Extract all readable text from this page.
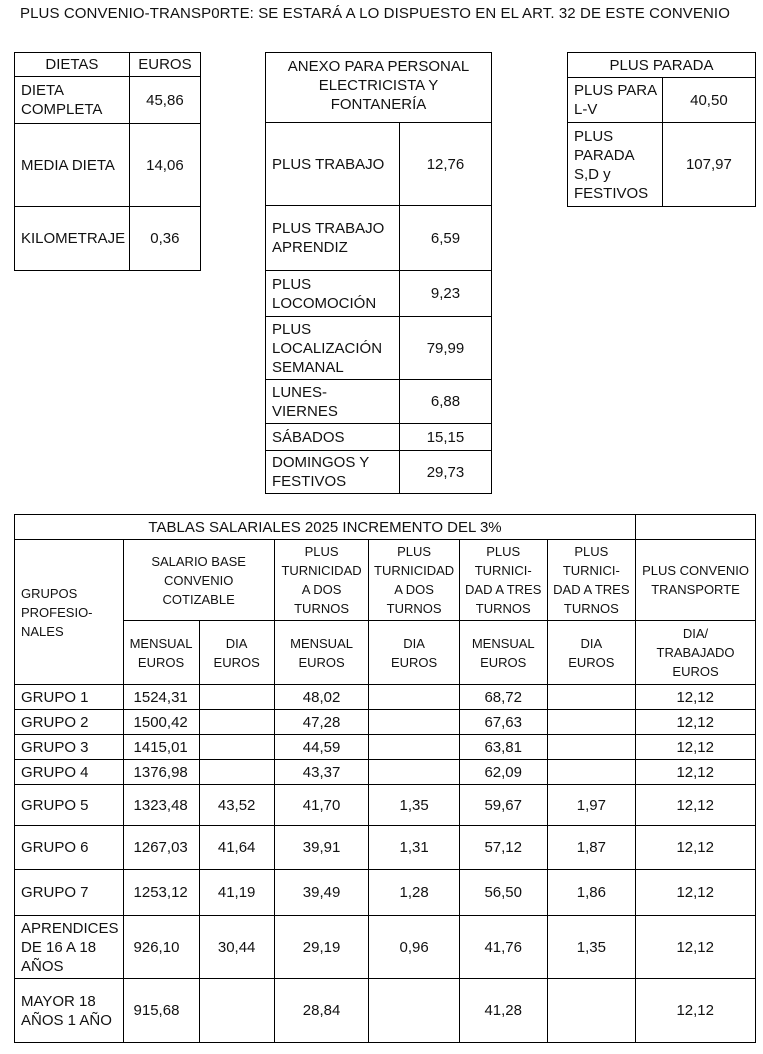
PLUS CONVENIO-TRANSP0RTE: SE ESTARÁ A LO DISPUESTO EN EL ART. 32 DE ESTE CONVENIO
DIETAS	EUROS
DIETA COMPLETA	45,86
MEDIA DIETA	14,06
KILOMETRAJE	0,36
ANEXO PARA PERSONAL ELECTRICISTA Y FONTANERÍA	
PLUS TRABAJO	12,76
PLUS TRABAJO APRENDIZ	6,59
PLUS LOCOMOCIÓN	9,23
PLUS LOCALIZACIÓN SEMANAL	79,99
LUNES-VIERNES	6,88
SÁBADOS	15,15
DOMINGOS Y FESTIVOS	29,73
PLUS PARADA	
PLUS PARA L-V	40,50
PLUS PARADA S,D y FESTIVOS	107,97
TABLAS SALARIALES 2025 INCREMENTO DEL 3%							
GRUPOS PROFESIO-NALES	SALARIO BASE CONVENIO COTIZABLE		PLUS TURNICIDAD A DOS TURNOS	PLUS TURNICIDAD A DOS TURNOS	PLUS TURNICI-DAD A TRES TURNOS	PLUS TURNICI-DAD A TRES TURNOS	PLUS CONVENIO TRANSPORTE
	MENSUAL EUROS	DIA EUROS	MENSUAL EUROS	DIA EUROS	MENSUAL EUROS	DIA EUROS	DIA/ TRABAJADO EUROS
GRUPO 1	1524,31		48,02		68,72		12,12
GRUPO 2	1500,42		47,28		67,63		12,12
GRUPO 3	1415,01		44,59		63,81		12,12
GRUPO 4	1376,98		43,37		62,09		12,12
GRUPO 5	1323,48	43,52	41,70	1,35	59,67	1,97	12,12
GRUPO 6	1267,03	41,64	39,91	1,31	57,12	1,87	12,12
GRUPO 7	1253,12	41,19	39,49	1,28	56,50	1,86	12,12
APRENDICES DE 16 A 18 AÑOS	926,10	30,44	29,19	0,96	41,76	1,35	12,12
MAYOR 18 AÑOS 1 AÑO	915,68		28,84		41,28		12,12
